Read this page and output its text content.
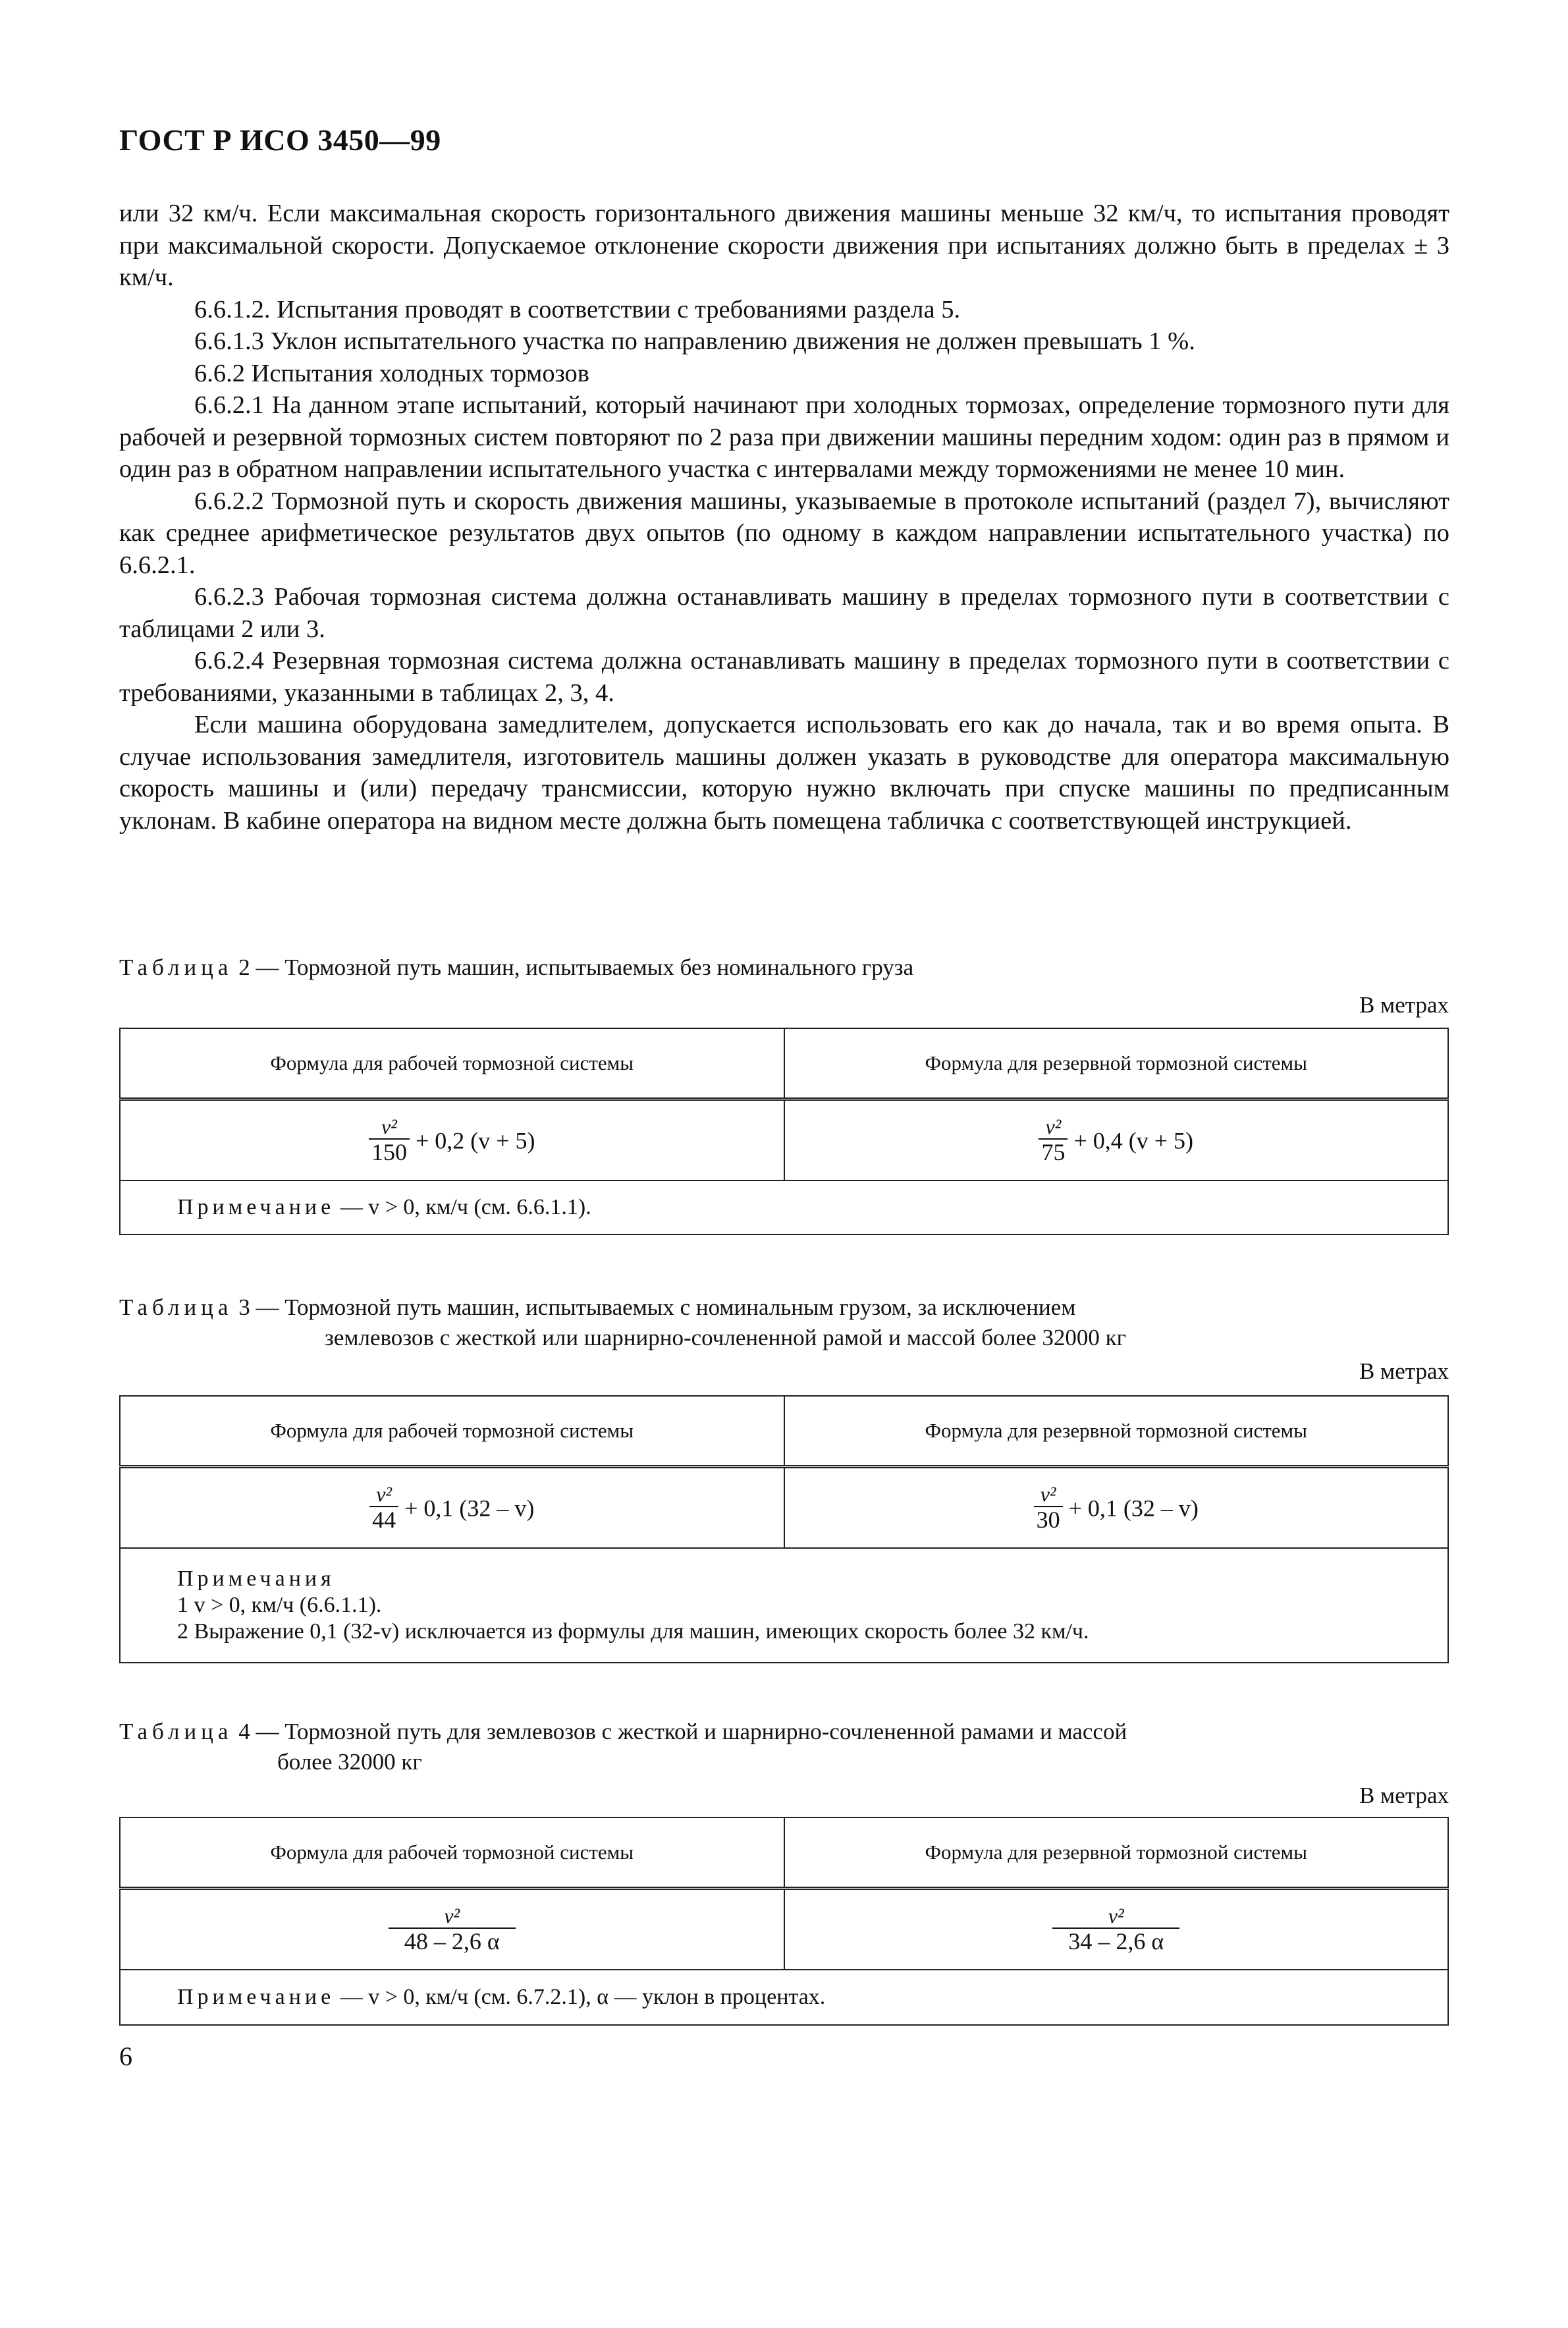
ГОСТ Р ИСО 3450—99

или 32 км/ч. Если максимальная скорость горизонтального движения машины меньше 32 км/ч, то испытания проводят при максимальной скорости. Допускаемое отклонение скорости движения при испытаниях должно быть в пределах ± 3 км/ч.

6.6.1.2. Испытания проводят в соответствии с требованиями раздела 5.

6.6.1.3 Уклон испытательного участка по направлению движения не должен превышать 1 %.

6.6.2 Испытания холодных тормозов

6.6.2.1 На данном этапе испытаний, который начинают при холодных тормозах, определение тормозного пути для рабочей и резервной тормозных систем повторяют по 2 раза при движении машины передним ходом: один раз в прямом и один раз в обратном направлении испытательного участка с интервалами между торможениями не менее 10 мин.

6.6.2.2 Тормозной путь и скорость движения машины, указываемые в протоколе испытаний (раздел 7), вычисляют как среднее арифметическое результатов двух опытов (по одному в каждом направлении испытательного участка) по 6.6.2.1.

6.6.2.3 Рабочая тормозная система должна останавливать машину в пределах тормозного пути в соответствии с таблицами 2 или 3.

6.6.2.4 Резервная тормозная система должна останавливать машину в пределах тормозного пути в соответствии с требованиями, указанными в таблицах 2, 3, 4.

Если машина оборудована замедлителем, допускается использовать его как до начала, так и во время опыта. В случае использования замедлителя, изготовитель машины должен указать в руководстве для оператора максимальную скорость машины и (или) передачу трансмиссии, которую нужно включать при спуске машины по предписанным уклонам. В кабине оператора на видном месте должна быть помещена табличка с соответствующей инструкцией.

Таблица 2 — Тормозной путь машин, испытываемых без номинального груза
В метрах
Формула для рабочей тормозной системы	Формула для резервной тормозной системы

$\frac{\text{v²}}{150} + 0,2$ (v + 5)	$\frac{\text{v²}}{75} + 0,4$ (v + 5)
Примечание — v > 0, км/ч (см. 6.6.1.1).	
Таблица 3 — Тормозной путь машин, испытываемых с номинальным грузом, за исключением
землевозов с жесткой или шарнирно-сочлененной рамой и массой более 32000 кг
В метрах
Формула для рабочей тормозной системы	Формула для резервной тормозной системы

$\frac{\text{v²}}{44} + 0,1$ (32 – v)	$\frac{\text{v²}}{30} + 0,1$ (32 – v)

Примечания
1 v > 0, км/ч (6.6.1.1).
2 Выражение 0,1 (32-v) исключается из формулы для машин, имеющих скорость более 32 км/ч.	
Таблица 4 — Тормозной путь для землевозов с жесткой и шарнирно-сочлененной рамами и массой
более 32000 кг
В метрах
Формула для рабочей тормозной системы	Формула для резервной тормозной системы

$\frac{\text{v²}}{48 - 2,6 \alpha}$	$\frac{\text{v²}}{34 - 2,6 \alpha}$

Примечание — v > 0, км/ч (см. 6.7.2.1), α — уклон в процентах.	
6
